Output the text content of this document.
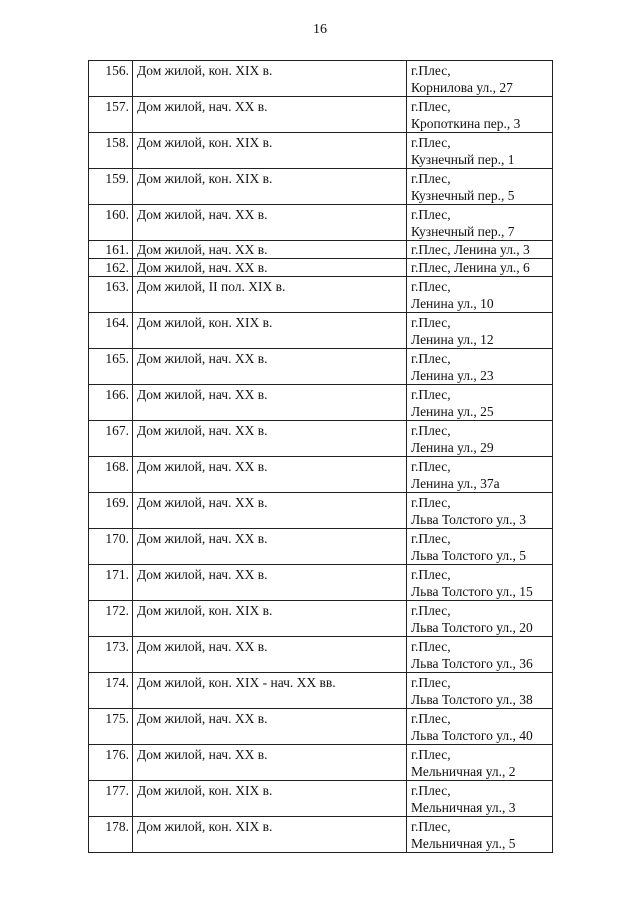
16
156.	Дом жилой, кон. XIX в.	г.Плес,
Корнилова ул., 27

157.	Дом жилой, нач. XX в.	г.Плес,
Кропоткина пер., 3

158.	Дом жилой, кон. XIX в.	г.Плес,
Кузнечный пер., 1

159.	Дом жилой, кон. XIX в.	г.Плес,
Кузнечный пер., 5

160.	Дом жилой, нач. XX в.	г.Плес,
Кузнечный пер., 7

161.	Дом жилой, нач. XX в.	г.Плес, Ленина ул., 3

162.	Дом жилой, нач. XX в.	г.Плес, Ленина ул., 6

163.	Дом жилой, II пол. XIX в.	г.Плес,
Ленина ул., 10

164.	Дом жилой, кон. XIX в.	г.Плес,
Ленина ул., 12

165.	Дом жилой, нач. XX в.	г.Плес,
Ленина ул., 23

166.	Дом жилой, нач. XX в.	г.Плес,
Ленина ул., 25

167.	Дом жилой, нач. XX в.	г.Плес,
Ленина ул., 29

168.	Дом жилой, нач. XX в.	г.Плес,
Ленина ул., 37а

169.	Дом жилой, нач. XX в.	г.Плес,
Льва Толстого ул., 3

170.	Дом жилой, нач. XX в.	г.Плес,
Льва Толстого ул., 5

171.	Дом жилой, нач. XX в.	г.Плес,
Льва Толстого ул., 15

172.	Дом жилой, кон. XIX в.	г.Плес,
Льва Толстого ул., 20

173.	Дом жилой, нач. XX в.	г.Плес,
Льва Толстого ул., 36

174.	Дом жилой, кон. XIX - нач. XX вв.	г.Плес,
Льва Толстого ул., 38

175.	Дом жилой, нач. XX в.	г.Плес,
Льва Толстого ул., 40

176.	Дом жилой, нач. XX в.	г.Плес,
Мельничная ул., 2

177.	Дом жилой, кон. XIX в.	г.Плес,
Мельничная ул., 3

178.	Дом жилой, кон. XIX в.	г.Плес,
Мельничная ул., 5
